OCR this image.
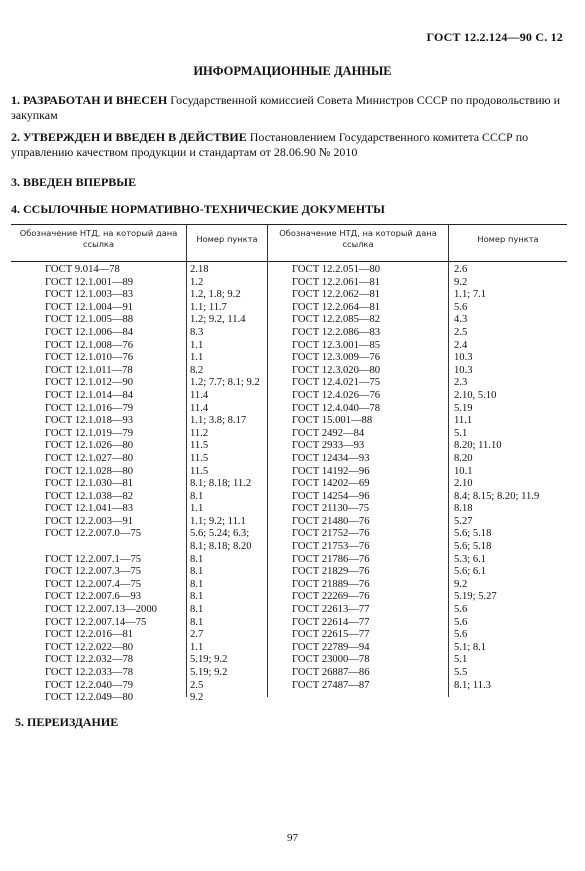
ГОСТ 12.2.124—90 С. 12
ИНФОРМАЦИОННЫЕ ДАННЫЕ
1. РАЗРАБОТАН И ВНЕСЕН Государственной комиссией Совета Министров СССР по продовольствию и закупкам
2. УТВЕРЖДЕН И ВВЕДЕН В ДЕЙСТВИЕ Постановлением Государственного комитета СССР по управлению качеством продукции и стандартам от 28.06.90 № 2010
3. ВВЕДЕН ВПЕРВЫЕ
4. ССЫЛОЧНЫЕ НОРМАТИВНО-ТЕХНИЧЕСКИЕ ДОКУМЕНТЫ
Обозначение НТД, на который дана ссылка	Номер пункта
Обозначение НТД, на который дана ссылка	Номер пункта
ГОСТ 9.014—78	2.18	ГОСТ 12.2.051—80	2.6
ГОСТ 12.1.001—89	1.2	ГОСТ 12.2.061—81	9.2
ГОСТ 12.1.003—83	1.2, 1.8; 9.2	ГОСТ 12.2.062—81	1.1; 7.1
ГОСТ 12.1.004—91	1.1; 11.7	ГОСТ 12.2.064—81	5.6
ГОСТ 12.1.005—88	1.2; 9.2, 11.4	ГОСТ 12.2.085—82	4.3
ГОСТ 12.1.006—84	8.3	ГОСТ 12.2.086—83	2.5
ГОСТ 12.1.008—76	1.1	ГОСТ 12.3.001—85	2.4
ГОСТ 12.1.010—76	1.1	ГОСТ 12.3.009—76	10.3
ГОСТ 12.1.011—78	8.2	ГОСТ 12.3.020—80	10.3
ГОСТ 12.1.012—90	1.2; 7.7; 8.1; 9.2	ГОСТ 12.4.021—75	2.3
ГОСТ 12.1.014—84	11.4	ГОСТ 12.4.026—76	2.10, 5.10
ГОСТ 12.1.016—79	11.4	ГОСТ 12.4.040—78	5.19
ГОСТ 12.1.018—93	1.1; 3.8; 8.17	ГОСТ 15.001—88	11.1
ГОСТ 12.1.019—79	11.2	ГОСТ 2492—84	5.1
ГОСТ 12.1.026—80	11.5	ГОСТ 2933—93	8.20; 11.10
ГОСТ 12.1.027—80	11.5	ГОСТ 12434—93	8.20
ГОСТ 12.1.028—80	11.5	ГОСТ 14192—96	10.1
ГОСТ 12.1.030—81	8.1; 8.18; 11.2	ГОСТ 14202—69	2.10
ГОСТ 12.1.038—82	8.1	ГОСТ 14254—96	8.4; 8.15; 8.20; 11.9
ГОСТ 12.1.041—83	1.1	ГОСТ 21130—75	8.18
ГОСТ 12.2.003—91	1.1; 9.2; 11.1	ГОСТ 21480—76	5.27
ГОСТ 12.2.007.0—75	5.6; 5.24; 6.3;	ГОСТ 21752—76	5.6; 5.18
8.1; 8.18; 8.20	ГОСТ 21753—76	5.6; 5.18
ГОСТ 12.2.007.1—75	8.1	ГОСТ 21786—76	5.3; 6.1
ГОСТ 12.2.007.3—75	8.1	ГОСТ 21829—76	5.6; 6.1
ГОСТ 12.2.007.4—75	8.1	ГОСТ 21889—76	9.2
ГОСТ 12.2.007.6—93	8.1	ГОСТ 22269—76	5.19; 5.27
ГОСТ 12.2.007.13—2000	8.1	ГОСТ 22613—77	5.6
ГОСТ 12.2.007.14—75	8.1	ГОСТ 22614—77	5.6
ГОСТ 12.2.016—81	2.7	ГОСТ 22615—77	5.6
ГОСТ 12.2.022—80	1.1	ГОСТ 22789—94	5.1; 8.1
ГОСТ 12.2.032—78	5.19; 9.2	ГОСТ 23000—78	5.1
ГОСТ 12.2.033—78	5.19; 9.2	ГОСТ 26887—86	5.5
ГОСТ 12.2.040—79	2.5	ГОСТ 27487—87	8.1; 11.3
ГОСТ 12.2.049—80	9.2
5. ПЕРЕИЗДАНИЕ
97
